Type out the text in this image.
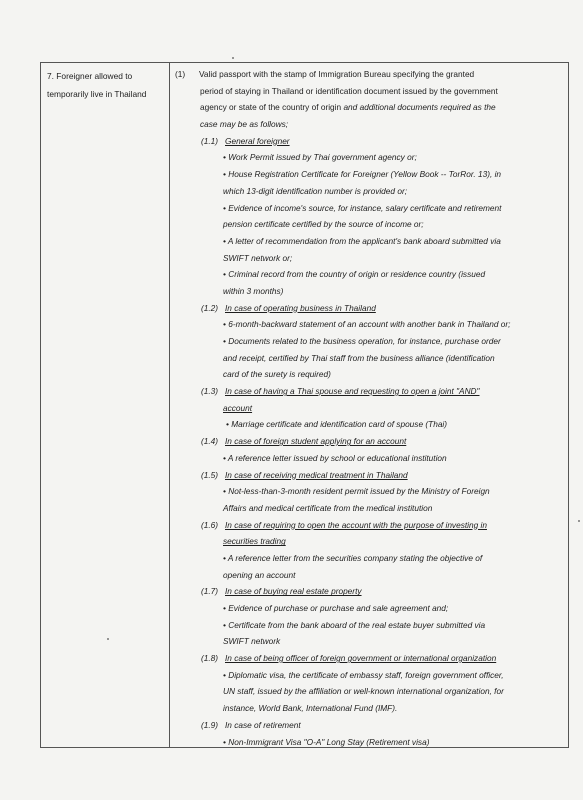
7. Foreigner allowed to
temporarily live in Thailand
(1) Valid passport with the stamp of Immigration Bureau specifying the granted
period of staying in Thailand or identification document issued by the government
agency or state of the country of origin and additional documents required as the
case may be as follows;
(1.1) General foreigner
• Work Permit issued by Thai government agency or;
• House Registration Certificate for Foreigner (Yellow Book -- TorRor. 13), in
which 13-digit identification number is provided or;
• Evidence of income's source, for instance, salary certificate and retirement
pension certificate certified by the source of income or;
• A letter of recommendation from the applicant's bank aboard submitted via
SWIFT network or;
• Criminal record from the country of origin or residence country (issued
within 3 months)
(1.2) In case of operating business in Thailand
• 6-month-backward statement of an account with another bank in Thailand or;
• Documents related to the business operation, for instance, purchase order
and receipt, certified by Thai staff from the business alliance (identification
card of the surety is required)
(1.3) In case of having a Thai spouse and requesting to open a joint "AND"
account
• Marriage certificate and identification card of spouse (Thai)
(1.4) In case of foreign student applying for an account
• A reference letter issued by school or educational institution
(1.5) In case of receiving medical treatment in Thailand
• Not-less-than-3-month resident permit issued by the Ministry of Foreign
Affairs and medical certificate from the medical institution
(1.6) In case of requiring to open the account with the purpose of investing in
securities trading
• A reference letter from the securities company stating the objective of
opening an account
(1.7) In case of buying real estate property
• Evidence of purchase or purchase and sale agreement and;
• Certificate from the bank aboard of the real estate buyer submitted via
SWIFT network
(1.8) In case of being officer of foreign government or international organization
• Diplomatic visa, the certificate of embassy staff, foreign government officer,
UN staff, issued by the affiliation or well-known international organization, for
instance, World Bank, International Fund (IMF).
(1.9) In case of retirement
• Non-Immigrant Visa "O-A" Long Stay (Retirement visa)
